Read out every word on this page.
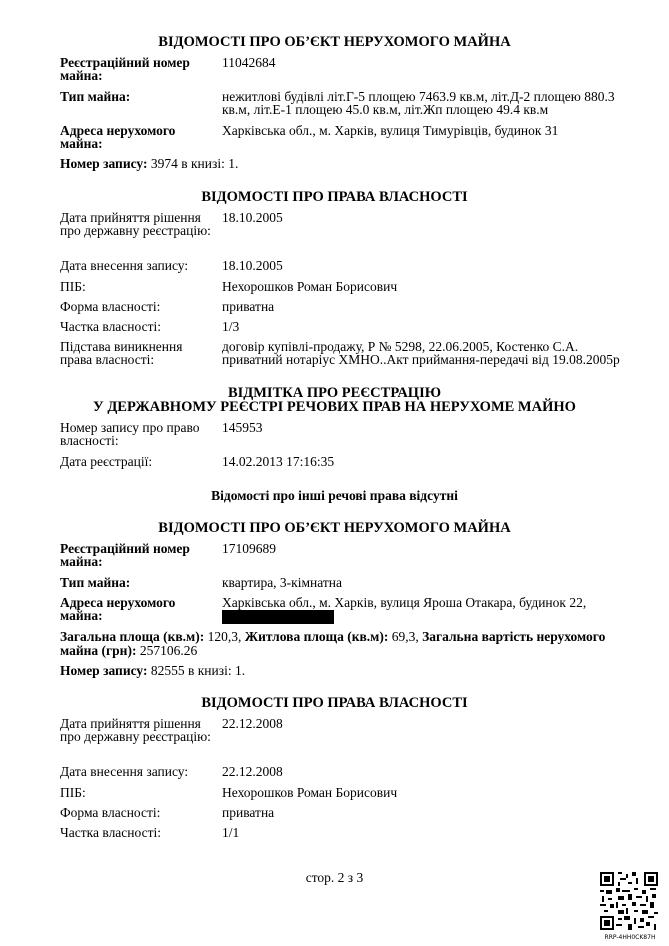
ВІДОМОСТІ ПРО ОБ’ЄКТ НЕРУХОМОГО МАЙНА
Реєстраційний номер майна:
11042684
Тип майна:	нежитлові будівлі літ.Г-5 площею 7463.9 кв.м, літ.Д-2 площею 880.3 кв.м, літ.Е-1 площею 45.0 кв.м, літ.Жп площею 49.4 кв.м
Адреса нерухомого майна:
Харківська обл., м. Харків, вулиця Тимурівців, будинок 31
Номер запису: 3974 в книзі: 1.
ВІДОМОСТІ ПРО ПРАВА ВЛАСНОСТІ
Дата прийняття рішення про державну реєстрацію:
18.10.2005
Дата внесення запису:	18.10.2005
ПІБ:	Нехорошков Роман Борисович
Форма власності:	приватна
Частка власності:	1/3
Підстава виникнення права власності:
договір купівлі-продажу, Р № 5298, 22.06.2005, Костенко С.А. приватний нотаріус ХМНО..Акт приймання-передачі від 19.08.2005р
ВІДМІТКА ПРО РЕЄСТРАЦІЮ
У ДЕРЖАВНОМУ РЕЄСТРІ РЕЧОВИХ ПРАВ НА НЕРУХОМЕ МАЙНО
Номер запису про право власності:
145953
Дата реєстрації:	14.02.2013 17:16:35
Відомості про інші речові права відсутні
ВІДОМОСТІ ПРО ОБ’ЄКТ НЕРУХОМОГО МАЙНА
Реєстраційний номер майна:
17109689
Тип майна:	квартира, 3-кімнатна
Адреса нерухомого майна:
Харківська обл., м. Харків, вулиця Яроша Отакара, будинок 22,

Загальна площа (кв.м): 120,3, Житлова площа (кв.м): 69,3, Загальна вартість нерухомого майна (грн): 257106.26
Номер запису: 82555 в книзі: 1.
ВІДОМОСТІ ПРО ПРАВА ВЛАСНОСТІ
Дата прийняття рішення про державну реєстрацію:
22.12.2008
Дата внесення запису:	22.12.2008
ПІБ:	Нехорошков Роман Борисович
Форма власності:	приватна
Частка власності:	1/1
стор. 2 з 3
RRP-4HH0CK87H
